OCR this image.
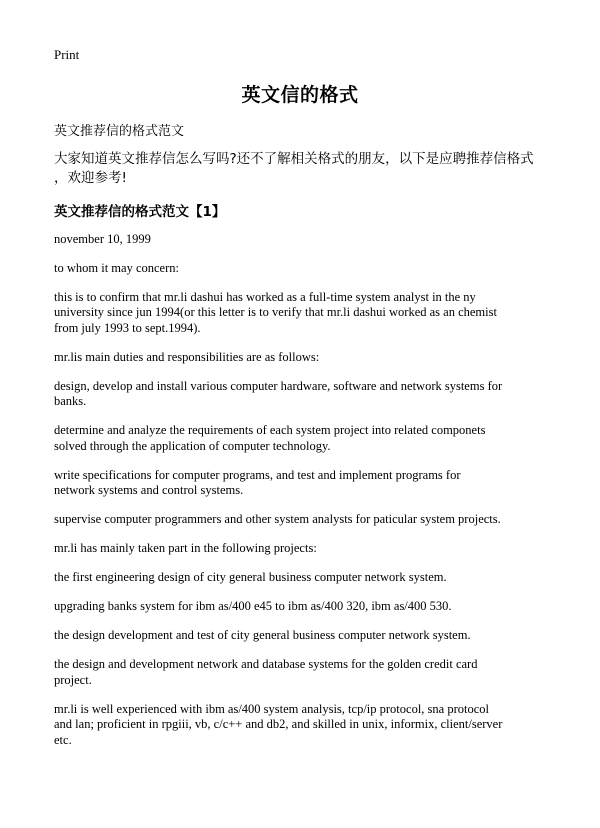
Print
英文信的格式
英文推荐信的格式范文
大家知道英文推荐信怎么写吗?还不了解相关格式的朋友，以下是应聘推荐信格式
，欢迎参考!
英文推荐信的格式范文【1】

november 10, 1999

to whom it may concern:

this is to confirm that mr.li dashui has worked as a full-time system analyst in the ny
university since jun 1994(or this letter is to verify that mr.li dashui worked as an chemist
from july 1993 to sept.1994).

mr.lis main duties and responsibilities are as follows:

design, develop and install various computer hardware, software and network systems for
banks.

determine and analyze the requirements of each system project into related componets
solved through the application of computer technology.

write specifications for computer programs, and test and implement programs for
network systems and control systems.

supervise computer programmers and other system analysts for paticular system projects.

mr.li has mainly taken part in the following projects:

the first engineering design of city general business computer network system.

upgrading banks system for ibm as/400 e45 to ibm as/400 320, ibm as/400 530.

the design development and test of city general business computer network system.

the design and development network and database systems for the golden credit card
project.

mr.li is well experienced with ibm as/400 system analysis, tcp/ip protocol, sna protocol
and lan; proficient in rpgiii, vb, c/c++ and db2, and skilled in unix, informix, client/server
etc.
